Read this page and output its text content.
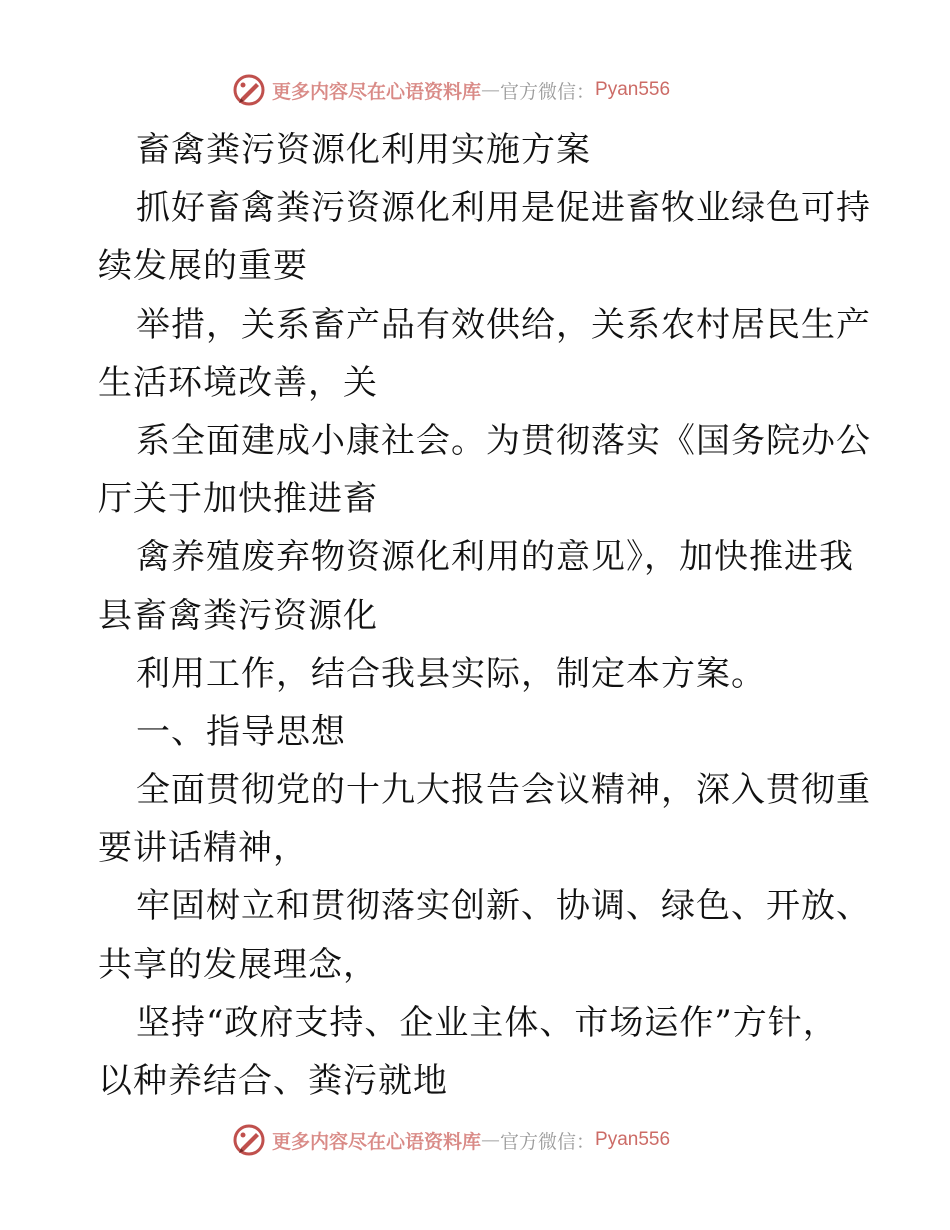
更多内容尽在心语资料库 — 官方微信： Pyan556
畜禽粪污资源化利用实施方案
抓好畜禽粪污资源化利用是促进畜牧业绿色可持
续发展的重要
举措，关系畜产品有效供给，关系农村居民生产
生活环境改善，关
系全面建成小康社会。为贯彻落实《国务院办公
厅关于加快推进畜
禽养殖废弃物资源化利用的意见》，加快推进我
县畜禽粪污资源化
利用工作，结合我县实际，制定本方案。
一、指导思想
全面贯彻党的十九大报告会议精神，深入贯彻重
要讲话精神，
牢固树立和贯彻落实创新、协调、绿色、开放、
共享的发展理念，
坚持“政府支持、企业主体、市场运作”方针，
以种养结合、粪污就地
更多内容尽在心语资料库 — 官方微信： Pyan556
